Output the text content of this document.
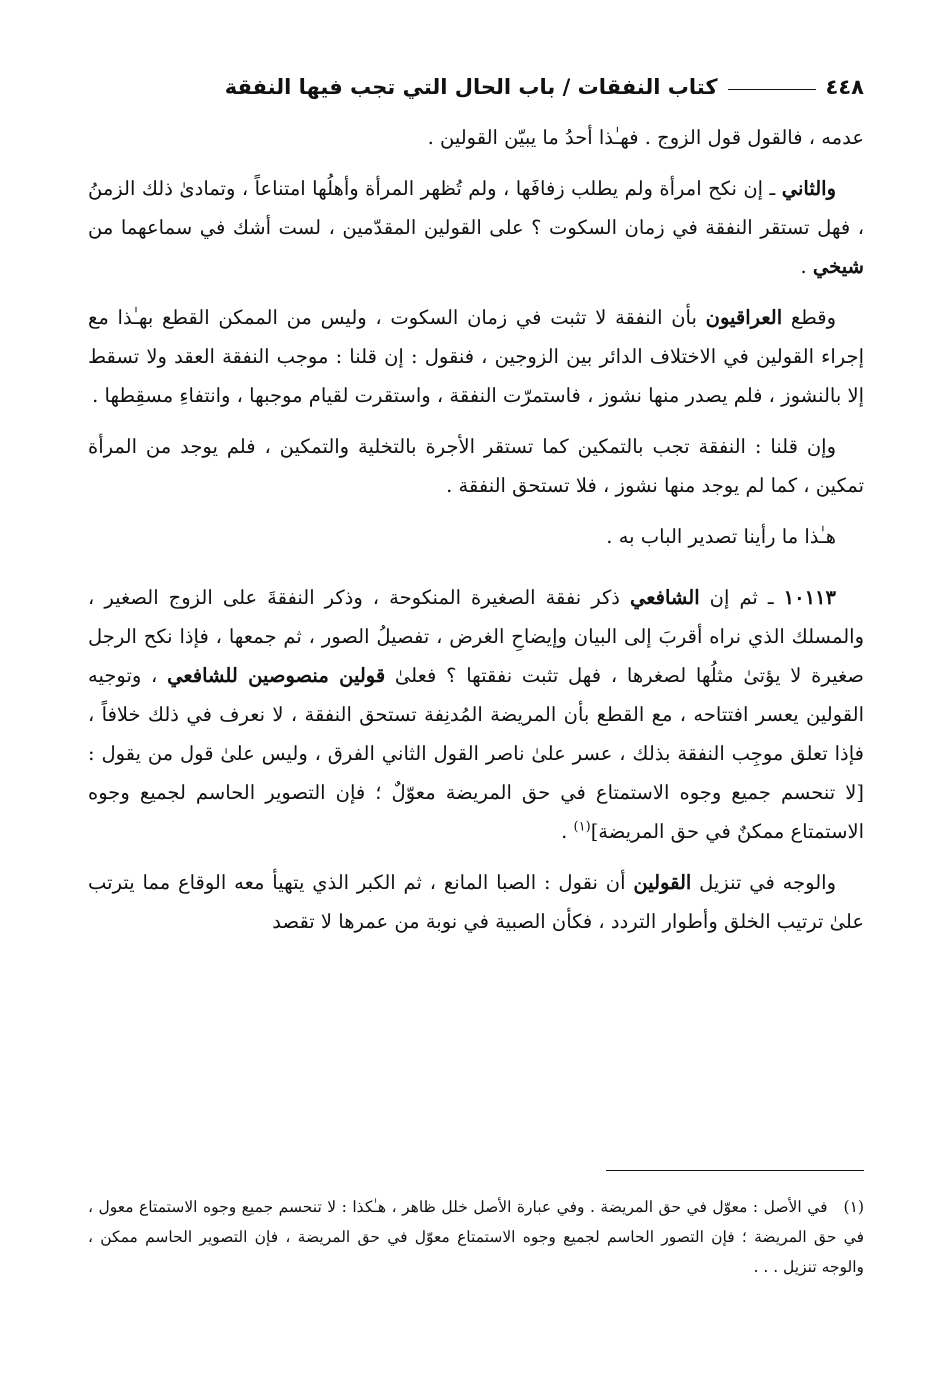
٤٤٨
كتاب النفقات / باب الحال التي تجب فيها النفقة

عدمه ، فالقول قول الزوج . فهـٰذا أحدُ ما يبيّن القولين .

والثاني ـ إن نكح امرأة ولم يطلب زفافَها ، ولم تُظهر المرأة وأهلُها امتناعاً ، وتمادىٰ ذلك الزمنُ ، فهل تستقر النفقة في زمان السكوت ؟ على القولين المقدّمين ، لست أشك في سماعهما من شيخي .

وقطع العراقيون بأن النفقة لا تثبت في زمان السكوت ، وليس من الممكن القطع بهـٰذا مع إجراء القولين في الاختلاف الدائر بين الزوجين ، فنقول : إن قلنا : موجب النفقة العقد ولا تسقط إلا بالنشوز ، فلم يصدر منها نشوز ، فاستمرّت النفقة ، واستقرت لقيام موجبها ، وانتفاءِ مسقِطها .

وإن قلنا : النفقة تجب بالتمكين كما تستقر الأجرة بالتخلية والتمكين ، فلم يوجد من المرأة تمكين ، كما لم يوجد منها نشوز ، فلا تستحق النفقة .

هـٰذا ما رأينا تصدير الباب به .

١٠١١٣ ـ ثم إن الشافعي ذكر نفقة الصغيرة المنكوحة ، وذكر النفقةَ على الزوج الصغير ، والمسلك الذي نراه أقربَ إلى البيان وإيضاحِ الغرض ، تفصيلُ الصور ، ثم جمعها ، فإذا نكح الرجل صغيرة لا يؤتىٰ مثلُها لصغرها ، فهل تثبت نفقتها ؟ فعلىٰ قولين منصوصين للشافعي ، وتوجيه القولين يعسر افتتاحه ، مع القطع بأن المريضة المُدنِفة تستحق النفقة ، لا نعرف في ذلك خلافاً ، فإذا تعلق موجِب النفقة بذلك ، عسر علىٰ ناصر القول الثاني الفرق ، وليس علىٰ قول من يقول : [لا تنحسم جميع وجوه الاستمتاع في حق المريضة معوّلٌ ؛ فإن التصوير الحاسم لجميع وجوه الاستمتاع ممكنٌ في حق المريضة]$^{(١)}$ .

والوجه في تنزيل القولين أن نقول : الصبا المانع ، ثم الكبر الذي يتهيأ معه الوقاع مما يترتب علىٰ ترتيب الخلق وأطوار التردد ، فكأن الصبية في نوبة من عمرها لا تقصد

(١)في الأصل : معوّل في حق المريضة . وفي عبارة الأصل خلل ظاهر ، هـٰكذا : لا تنحسم جميع وجوه الاستمتاع معول ، في حق المريضة ؛ فإن التصور الحاسم لجميع وجوه الاستمتاع معوّل في حق المريضة ، فإن التصوير الحاسم ممكن ، والوجه تنزيل . . .
